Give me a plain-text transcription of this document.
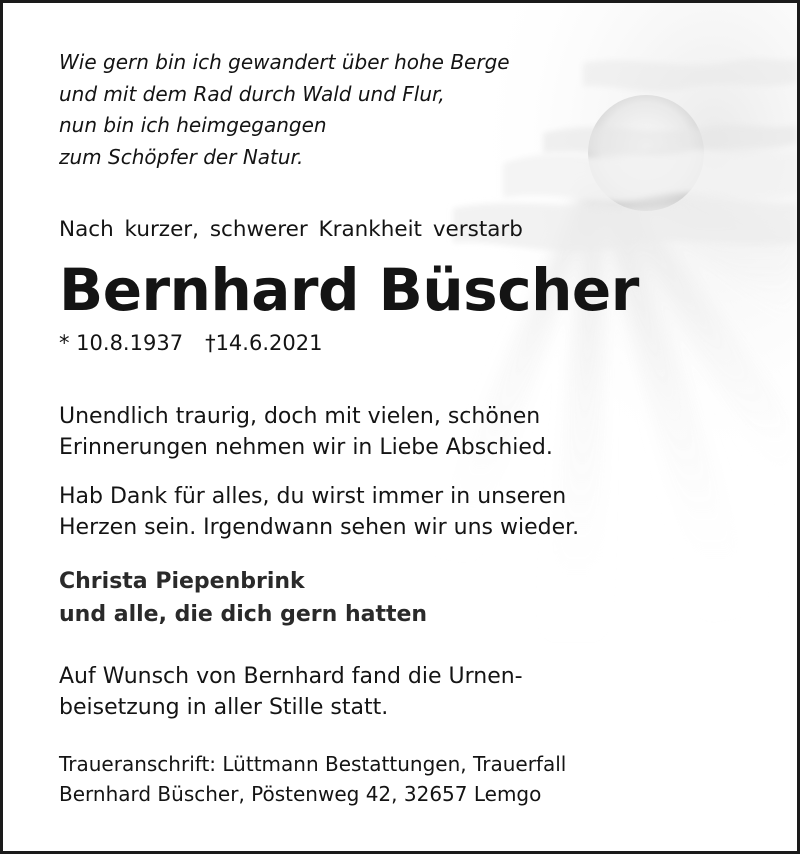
Wie gern bin ich gewandert über hohe Berge
und mit dem Rad durch Wald und Flur,
nun bin ich heimgegangen
zum Schöpfer der Natur.

Nach kurzer, schwerer Krankheit verstarb

Bernhard Büscher

* 10.8.1937 †14.6.2021

Unendlich traurig, doch mit vielen, schönen
Erinnerungen nehmen wir in Liebe Abschied.

Hab Dank für alles, du wirst immer in unseren
Herzen sein. Irgendwann sehen wir uns wieder.

Christa Piepenbrink
und alle, die dich gern hatten

Auf Wunsch von Bernhard fand die Urnen-
beisetzung in aller Stille statt.

Traueranschrift: Lüttmann Bestattungen, Trauerfall
Bernhard Büscher, Pöstenweg 42, 32657 Lemgo
